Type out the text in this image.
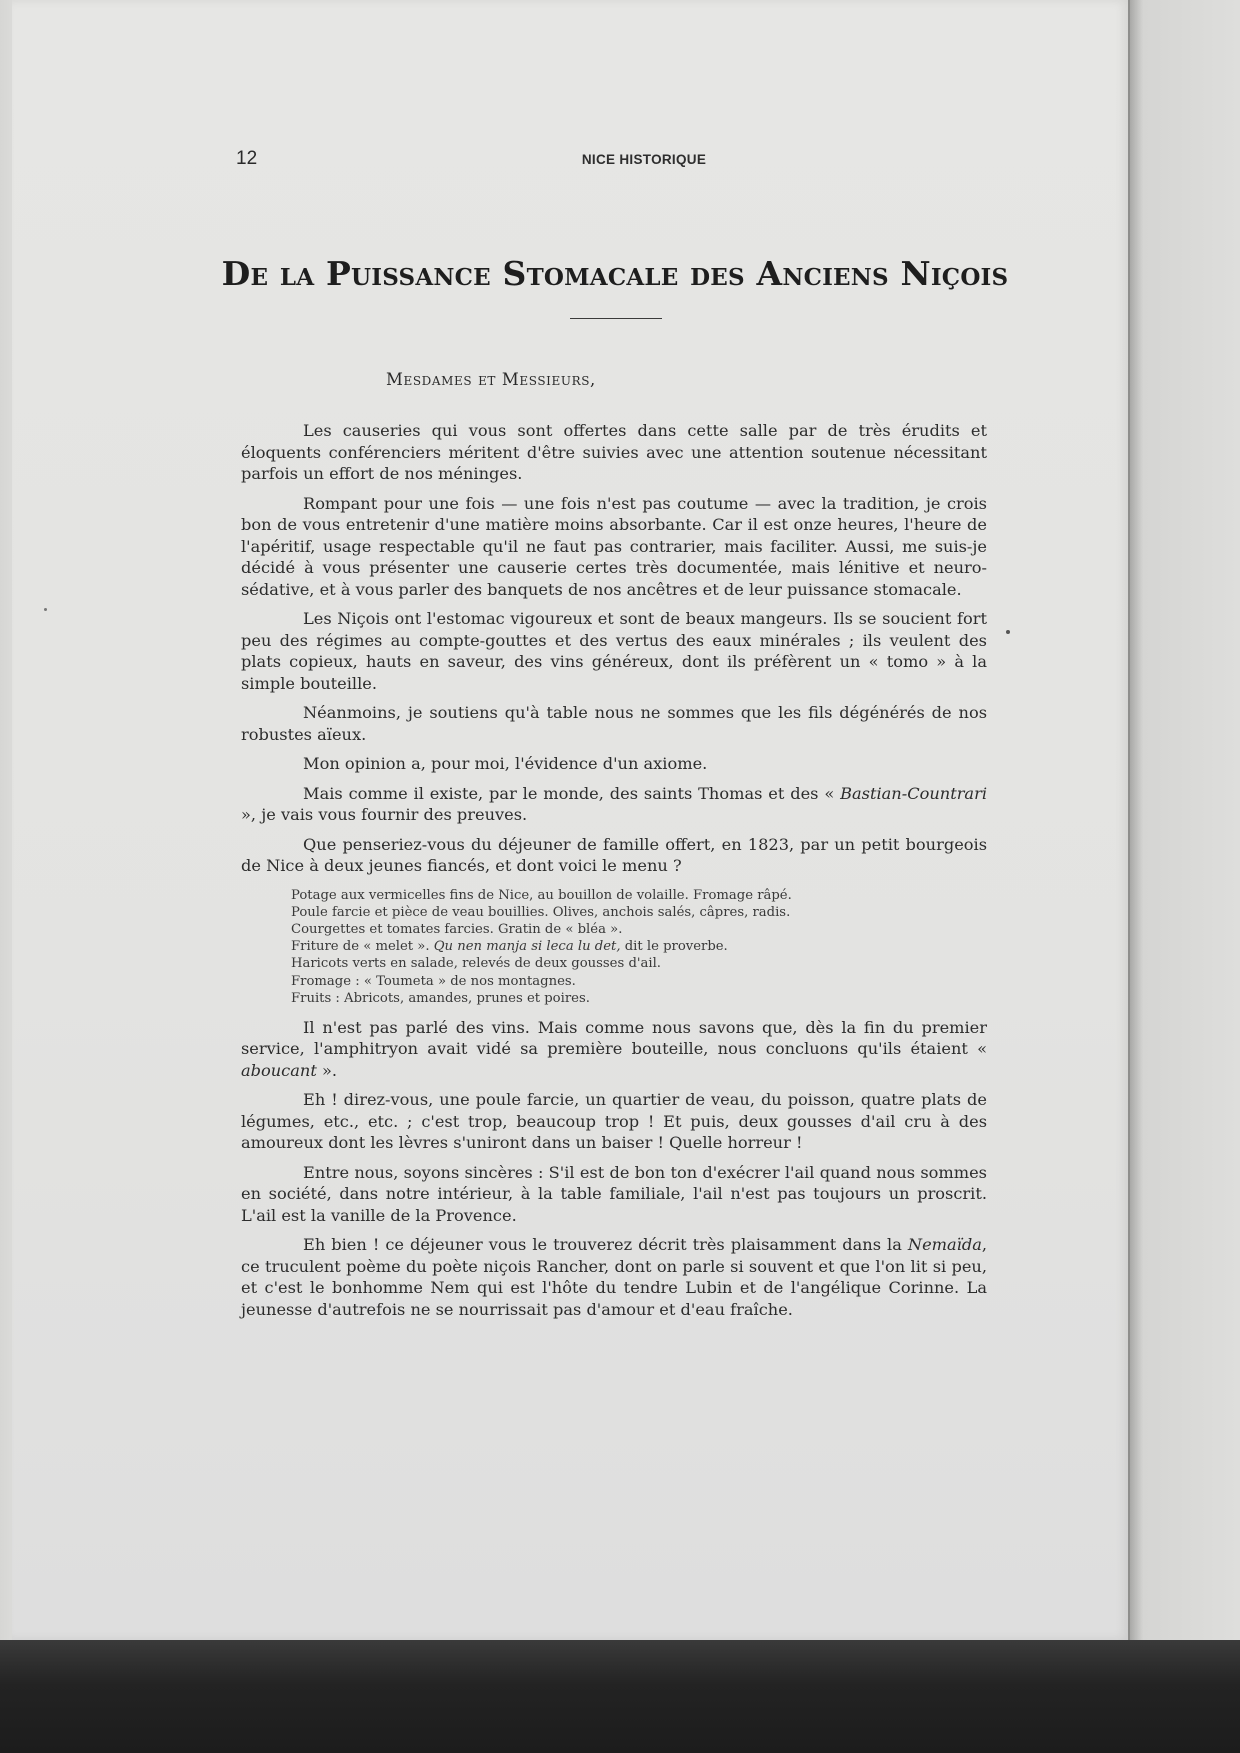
12	NICE HISTORIQUE
De la Puissance Stomacale des Anciens Niçois
Mesdames et Messieurs,

Les causeries qui vous sont offertes dans cette salle par de très érudits et éloquents conférenciers méritent d'être suivies avec une attention soutenue nécessitant parfois un effort de nos méninges.

Rompant pour une fois — une fois n'est pas coutume — avec la tradition, je crois bon de vous entretenir d'une matière moins absorbante. Car il est onze heures, l'heure de l'apéritif, usage respectable qu'il ne faut pas contrarier, mais faciliter. Aussi, me suis-je décidé à vous présenter une causerie certes très documentée, mais lénitive et neuro-sédative, et à vous parler des banquets de nos ancêtres et de leur puissance stomacale.

Les Niçois ont l'estomac vigoureux et sont de beaux mangeurs. Ils se soucient fort peu des régimes au compte-gouttes et des vertus des eaux minérales ; ils veulent des plats copieux, hauts en saveur, des vins généreux, dont ils préfèrent un « tomo » à la simple bouteille.

Néanmoins, je soutiens qu'à table nous ne sommes que les fils dégénérés de nos robustes aïeux.

Mon opinion a, pour moi, l'évidence d'un axiome.

Mais comme il existe, par le monde, des saints Thomas et des « Bastian-Countrari », je vais vous fournir des preuves.

Que penseriez-vous du déjeuner de famille offert, en 1823, par un petit bourgeois de Nice à deux jeunes fiancés, et dont voici le menu ?

Potage aux vermicelles fins de Nice, au bouillon de volaille. Fromage râpé.
Poule farcie et pièce de veau bouillies. Olives, anchois salés, câpres, radis.
Courgettes et tomates farcies. Gratin de « bléa ».
Friture de « melet ». Qu nen manja si leca lu det, dit le proverbe.
Haricots verts en salade, relevés de deux gousses d'ail.
Fromage : « Toumeta » de nos montagnes.
Fruits : Abricots, amandes, prunes et poires.

Il n'est pas parlé des vins. Mais comme nous savons que, dès la fin du premier service, l'amphitryon avait vidé sa première bouteille, nous concluons qu'ils étaient « aboucant ».

Eh ! direz-vous, une poule farcie, un quartier de veau, du poisson, quatre plats de légumes, etc., etc. ; c'est trop, beaucoup trop ! Et puis, deux gousses d'ail cru à des amoureux dont les lèvres s'uniront dans un baiser ! Quelle horreur !

Entre nous, soyons sincères : S'il est de bon ton d'exécrer l'ail quand nous sommes en société, dans notre intérieur, à la table familiale, l'ail n'est pas toujours un proscrit. L'ail est la vanille de la Provence.

Eh bien ! ce déjeuner vous le trouverez décrit très plaisamment dans la Nemaïda, ce truculent poème du poète niçois Rancher, dont on parle si souvent et que l'on lit si peu, et c'est le bonhomme Nem qui est l'hôte du tendre Lubin et de l'angélique Corinne. La jeunesse d'autrefois ne se nourrissait pas d'amour et d'eau fraîche.
